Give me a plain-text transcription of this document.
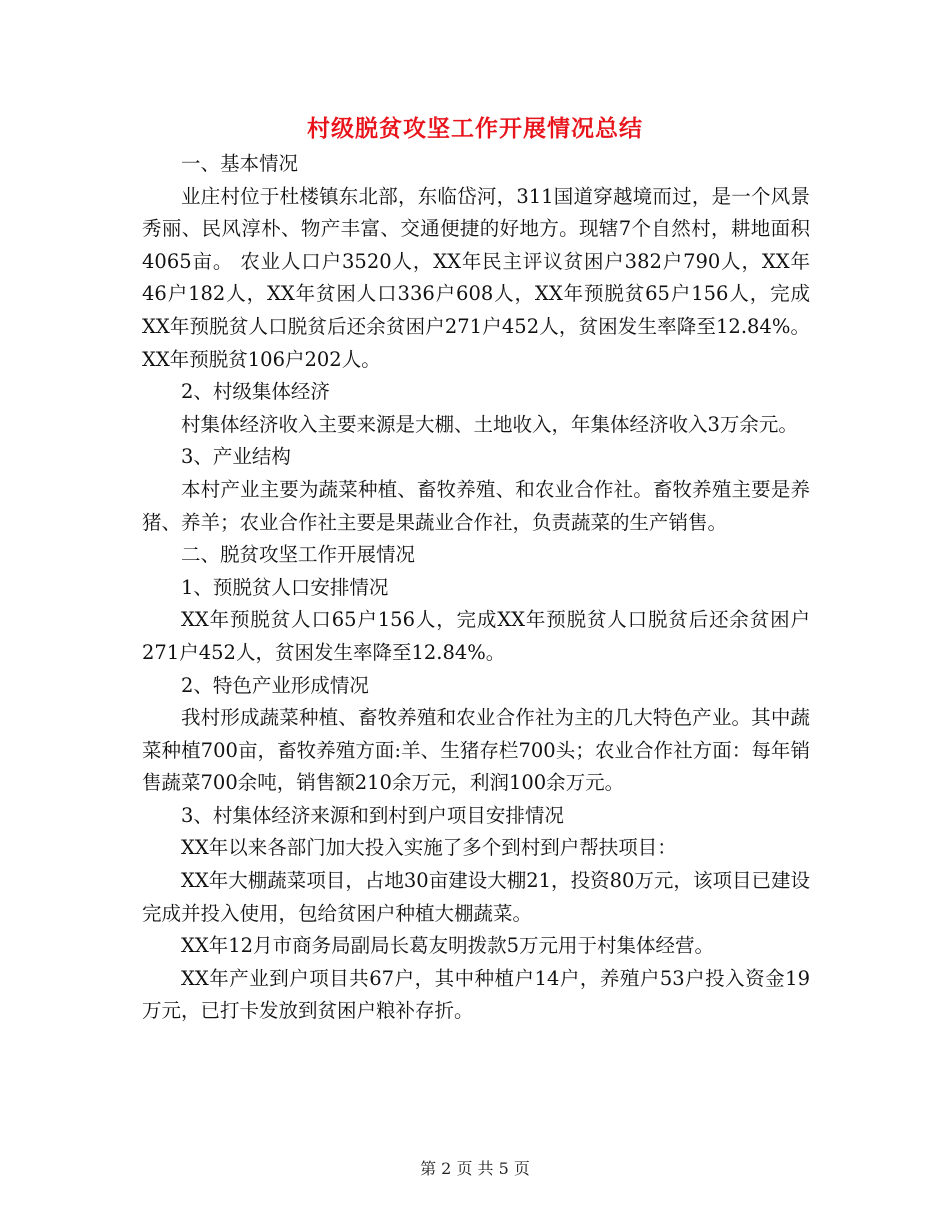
村级脱贫攻坚工作开展情况总结

一、基本情况

业庄村位于杜楼镇东北部，东临岱河，311国道穿越境而过，是一个风景秀丽、民风淳朴、物产丰富、交通便捷的好地方。现辖7个自然村，耕地面积4065亩。 农业人口户3520人，XX年民主评议贫困户382户790人，XX年46户182人，XX年贫困人口336户608人，XX年预脱贫65户156人，完成XX年预脱贫人口脱贫后还余贫困户271户452人，贫困发生率降至12.84%。XX年预脱贫106户202人。

2、村级集体经济

村集体经济收入主要来源是大棚、土地收入，年集体经济收入3万余元。

3、产业结构

本村产业主要为蔬菜种植、畜牧养殖、和农业合作社。畜牧养殖主要是养猪、养羊；农业合作社主要是果蔬业合作社，负责蔬菜的生产销售。

二、脱贫攻坚工作开展情况

1、预脱贫人口安排情况

XX年预脱贫人口65户156人，完成XX年预脱贫人口脱贫后还余贫困户271户452人，贫困发生率降至12.84%。

2、特色产业形成情况

我村形成蔬菜种植、畜牧养殖和农业合作社为主的几大特色产业。其中蔬菜种植700亩，畜牧养殖方面:羊、生猪存栏700头；农业合作社方面：每年销售蔬菜700余吨，销售额210余万元，利润100余万元。

3、村集体经济来源和到村到户项目安排情况

XX年以来各部门加大投入实施了多个到村到户帮扶项目：

XX年大棚蔬菜项目，占地30亩建设大棚21，投资80万元，该项目已建设完成并投入使用，包给贫困户种植大棚蔬菜。

XX年12月市商务局副局长葛友明拨款5万元用于村集体经营。

XX年产业到户项目共67户，其中种植户14户，养殖户53户投入资金19万元，已打卡发放到贫困户粮补存折。

第 2 页 共 5 页
